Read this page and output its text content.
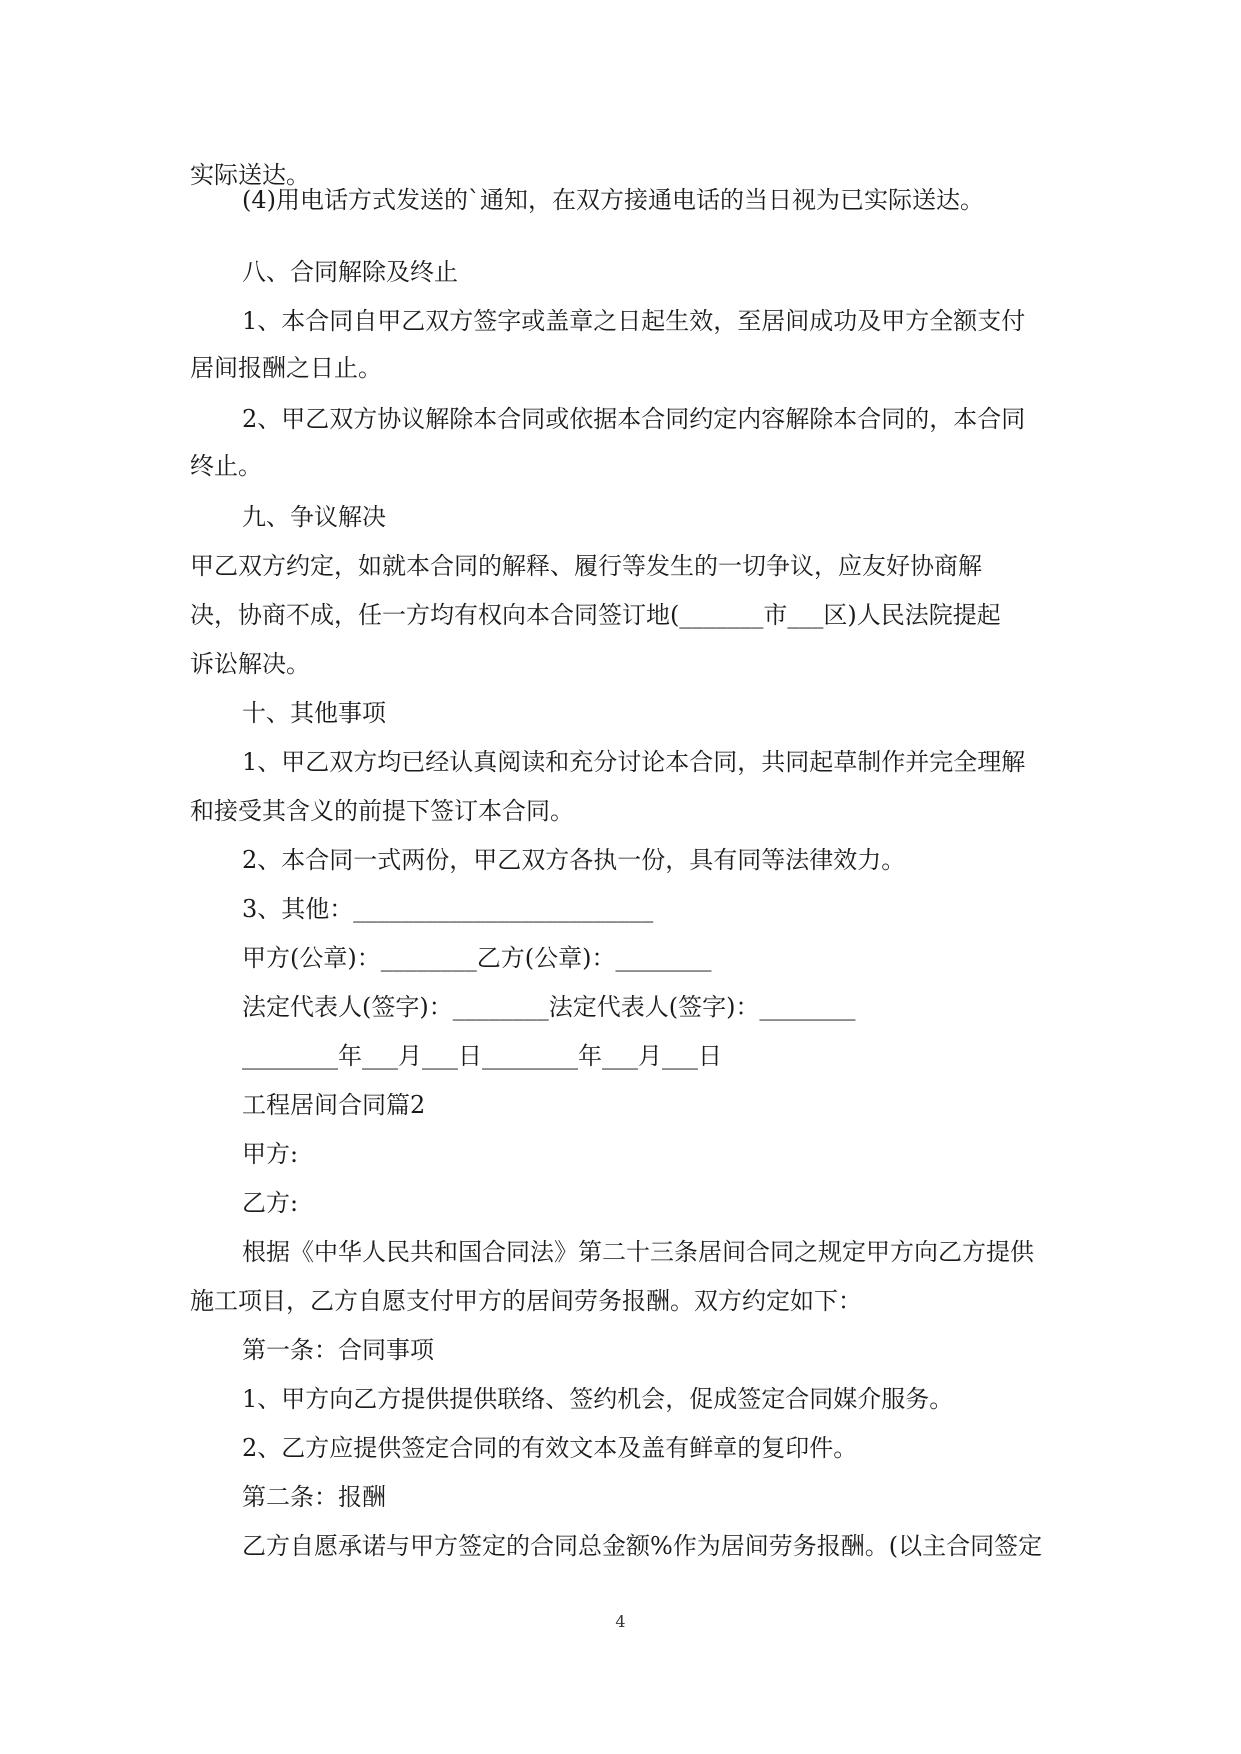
实际送达。
(4)用电话方式发送的`通知，在双方接通电话的当日视为已实际送达。
八、合同解除及终止
1、本合同自甲乙双方签字或盖章之日起生效，至居间成功及甲方全额支付
居间报酬之日止。
2、甲乙双方协议解除本合同或依据本合同约定内容解除本合同的，本合同
终止。
九、争议解决
甲乙双方约定，如就本合同的解释、履行等发生的一切争议，应友好协商解
决，协商不成，任一方均有权向本合同签订地(_______市___区)人民法院提起
诉讼解决。
十、其他事项
1、甲乙双方均已经认真阅读和充分讨论本合同，共同起草制作并完全理解
和接受其含义的前提下签订本合同。
2、本合同一式两份，甲乙双方各执一份，具有同等法律效力。
3、其他：_________________________
甲方(公章)：________乙方(公章)：________
法定代表人(签字)：________法定代表人(签字)：________
________年___月___日________年___月___日
工程居间合同篇2
甲方:
乙方:
根据《中华人民共和国合同法》第二十三条居间合同之规定甲方向乙方提供
施工项目，乙方自愿支付甲方的居间劳务报酬。双方约定如下：
第一条：合同事项
1、甲方向乙方提供提供联络、签约机会，促成签定合同媒介服务。
2、乙方应提供签定合同的有效文本及盖有鲜章的复印件。
第二条：报酬
乙方自愿承诺与甲方签定的合同总金额%作为居间劳务报酬。(以主合同签定
4
